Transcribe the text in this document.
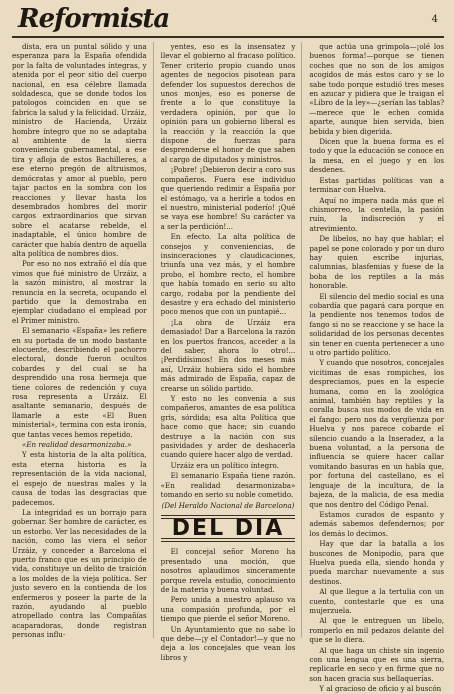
Reformista	4

dista, era un puntal sólido y una esperanza para la España ofendida por la falta de voluntades íntegras, y atenida por el peor sitio del cuerpo nacional, en esa célebre llamada soldadesca, que se donde todos los patologos coinciden en que se fabrica la salud y la felicidad. Urzáiz, ministro de Hacienda, Urzáiz hombre íntegro que no se adaptaba al ambiente de la sierra conveniencia gubernamental, a ese tira y afloja de estos Bachilleres, a ese eterno pregón de altruismos, demócratas y amor al pueblo, pero tajar pactos en la sombra con los reacciones y llevar hasta los desembrados hombres del morir cargos extraordinarios que sirvan sobre el acatarse rebelde, el inadaptable, el único hombre de carácter que había dentro de aquella alta política de nombres dios.

Por eso no nos extrañó el día que vimos que fué ministro de Urzáiz, a la sazón ministro, al mostrar la renuncia en la secreta, ocupando el partido que la demostraba en ejemplar ciudadano el emplead por el Primer ministro.

El semanario «España» les refiere en su portada de un modo bastante elocuente, describiendo el pachorro electoral, donde fueron ocultos cobardes y del cual se ha desprendido una rosa bermeja que tiene colores de redención y cuya rosa representa a Urzáiz. El asaltante semanario, después de llamarle a este «El Buen ministerial», termina con esta ironía, que tantas veces hemos repetido.

«En realidad desarmonizaba.»

Y esta historia de la alta política, esta eterna historia es la representación de la vida nacional, el espejo de nuestras males y la causa de todas las desgracias que padecemos.

La integridad es un borrajo para gobernar. Ser hombre de carácter, es un estorbo. Ver las necesidades de la nación, como las viera el señor Urzáiz, y conceder a Barcelona el puerto franco que es un principio de vida, constituye un delito de traición a los moldes de la vieja política. Ser justo severo en la contienda de los enfermeros y poseer la parte de la razón, ayudando al pueblo atropellado contra las Compañías acaparadoras, donde registran personas influ-

yentes, eso es la insensatez y llevar el gobierno al fracaso político. Tener criterio propio cuando unos agentes de negocios pisotean para defender los supuestos derechos de unos monjes, eso es ponerse de frente a lo que constituye la verdadera opinión, por que lo opinión para un gobierno liberal es la reacción y la reacción la que dispone de fuerzas para desprenderse el honor de que saben al cargo de diputados y ministros.

¡Pobre! ¡Debieron decir a coro sus compañeros. Fuera ese individuo que queriendo redimir a España por el estómago, va a herirle a todos en el nuestro, ministerial poderío! ¡Qué se vaya ese hombre! Su carácter va a ser la perdición!...

En efecto. La alta política de consejos y conveniencias, de insinceraciones y claudicaciones, triunfa una vez más, y el hombre probo, el hombre recto, el hombre que había tomado en serio su alto cargo, rodaba por la pendiente del desastre y era echado del ministerio poco menos que con un puntapié...

¡La obra de Urzáiz era demasiado! Dar a Barcelona la razón en los puertos francos, acceder a la del saber, ahora lo otro!... ¡Perdidísimos! En dos meses más así, Urzáiz hubiera sido el hombre más admirado de España, capaz de crearse un sólido partido.

Y esto no les convenía a sus compañeros, amantes de esa política gris, sórdida; esa alta Política que hace como que hace; sin cuando destruye a la nación con sus pasividades y arder de deshacerla cuando quiere hacer algo de verdad.

Urzáiz era un político íntegro.

El semanario España tiene razón. «En realidad desarmonizaba» tomando en serio su noble cometido.

(Del Heraldo Nacional de Barcelona)

DEL DIA

El concejal señor Moreno ha presentado una moción, que nosotros aplaudimos sinceramente porque revela estudio, conocimiento de la materia y buena voluntad.

Pero unida a nuestro aplauso va una compasión profunda, por el tiempo que pierde el señor Moreno.

Un Ayuntamiento que no sabe lo que debe—¡y el Contador!—y que no deja a los concejales que vean los libros y

que actúa una grimpola—¡olé los buenos forma!—porque se tienen coches que no son de los amigos acogidos de más estos caro y se lo sabe todo porque estudió tres meses en azucar y pidiera que le traigan el «Libro de la ley»—¿serían las tablas?—merece que le echen comida aparte, aunque bien servida, bien bebida y bien digerida.

Dicen que la buena forma es el todo y que la educación se conoce en la mesa, en el juego y en los desdenes.

Estas partidas políticas van a terminar con Huelva.

Aquí no impera nada más que el chismorreo, la centella, la pasión ruín, la indiscreción y el atrevimiento.

De libelos, no hay que hablar; el papel se pone colorado y por un duro hay quien escribe injurias, calumnias, blasfemias y fuese de la boba de los reptiles a la más honorable.

El silencio del medio social es una cobardía que pagará cara porque en la pendiente nos tenemos todos de fango si no se reaccione y se hace la solidaridad de los personas decentes sin tener en cuenta pertenecer a uno u otro partido político.

Y cuando que nosotros, concejales vicitimas de esas rompiches, los despreciamos, pues en la especie humana, como en la zoológica animal, también hay reptiles y la coralla busca sus modos de vida en el fango: pero nos da vergüenza por Huelva y nos parece cobarde el silencio cuando a la Inseradez, a la buena voluntad, a la persona de influencia se quiere hacer callar vomitando basuras en un habla que, por fortuna del castellano, es el lenguaje de la incultura, de la bajeza, de la malicia, de esa media que nos dentro del Código Penal.

Estamos curados de espanto y además sabemos defendernos; por los demás lo decimos.

Hay que dar la batalla a los buscones de Monipodio, para que Huelva pueda ella, siendo honda y pueda marchar nuevamente a sus destinos.

Al que llegue a la tertulia con un cuento, contestarle que es una mujerzuela.

Al que le entreguen un libelo, romperlo en mil pedazos delante del que se lo diera.

Al que haga un chiste sin ingenio con una lengua que es una sierra, replicarle en seco y en firme que no son hacen gracia sus bellaquerías.

Y al gracioso de oficio y al buscón
